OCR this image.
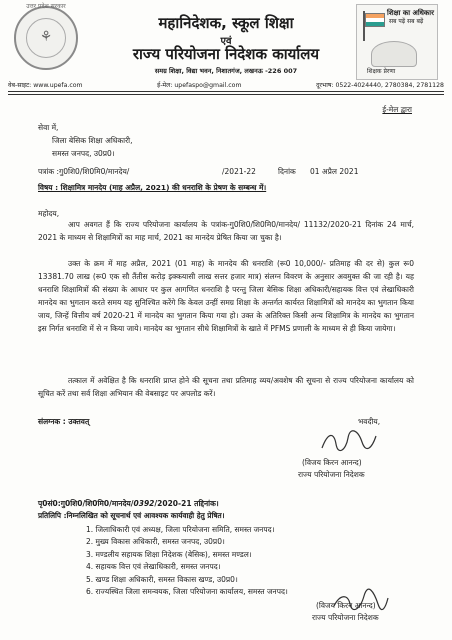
⚘
उत्तर प्रदेश सरकार
शिक्षा का अधिकार
सब पढ़ें सब बढ़ें
शिक्षक प्रेरणा
महानिदेशक, स्कूल शिक्षा
एवं
राज्य परियोजना निदेशक कार्यालय
समग्र शिक्षा, विद्या भवन, निशातगंज, लखनऊ -226 007
वेब-साइट: www.upefa.com	ई-मेल: upefaspo@gmail.com	दूरभाष: 0522-4024440, 2780384, 2781128
ई-मेल द्वारा
सेवा में,
जिला बेसिक शिक्षा अधिकारी,
समस्त जनपद, उ0प्र0।
पत्रांक :गु0शि0/शि0मि0/मानदेय/	/2021-22	दिनांक 01 अप्रैल 2021
विषय : शिक्षामित्र मानदेय (माह अप्रैल, 2021) की धनराशि के प्रेषण के सम्बन्ध में।
महोदय,
आप अवगत हैं कि राज्य परियोजना कार्यालय के पत्रांक-गु0शि0/शि0मि0/मानदेय/ 11132/2020-21 दिनांक 24 मार्च, 2021 के माध्यम से शिक्षामित्रों का माह मार्च, 2021 का मानदेय प्रेषित किया जा चुका है।
उक्त के क्रम में माह अप्रैल, 2021 (01 माह) के मानदेय की धनराशि (रू0 10,000/- प्रतिमाह की दर से) कुल रू0 13381.70 लाख (रू0 एक सौ तैंतीस करोड़ इक्कयासी लाख सत्तर हजार मात्र) संलग्न विवरण के अनुसार अवमुक्त की जा रही है। यह धनराशि शिक्षामित्रों की संख्या के आधार पर कुल आगणित धनराशि है परन्तु जिला बेसिक शिक्षा अधिकारी/सहायक वित्त एवं लेखाधिकारी मानदेय का भुगतान करते समय यह सुनिश्चित करेंगे कि केवल उन्हीं समग्र शिक्षा के अन्तर्गत कार्यरत शिक्षामित्रों को मानदेय का भुगतान किया जाय, जिन्हें वित्तीय वर्ष 2020-21 में मानदेय का भुगतान किया गया हो। उक्त के अतिरिक्त किसी अन्य शिक्षामित्र के मानदेय का भुगतान इस निर्गत धनराशि में से न किया जाये। मानदेय का भुगतान सीधे शिक्षामित्रों के खाते में PFMS प्रणाली के माध्यम से ही किया जायेगा।
तत्काल में अवेक्षित है कि धनराशि प्राप्त होने की सूचना तथा प्रतिमाह व्यय/अवशेष की सूचना से राज्य परियोजना कार्यालय को सूचित करें तथा सर्व शिक्षा अभियान की वेबसाइट पर अपलोड करें।
संलग्नक : उक्तवत्	भवदीय,
(विजय किरन आनन्द)
राज्य परियोजना निदेशक
पृ0सं0:गु0शि0/शि0मि0/मानदेय/0392/2020-21 तद्दिनांक।
प्रतिलिपि :निम्नलिखित को सूचनार्थ एवं आवश्यक कार्यवाही हेतु प्रेषित।
1. जिलाधिकारी एवं अध्यक्ष, जिला परियोजना समिति, समस्त जनपद।
2. मुख्य विकास अधिकारी, समस्त जनपद, उ0प्र0।
3. मण्डलीय सहायक शिक्षा निदेशक (बेसिक), समस्त मण्डल।
4. सहायक वित्त एवं लेखाधिकारी, समस्त जनपद।
5. खण्ड शिक्षा अधिकारी, समस्त विकास खण्ड, उ0प्र0।
6. राज्यस्थित जिला समन्वयक, जिला परियोजना कार्यालय, समस्त जनपद।
(विजय किरन आनन्द)
राज्य परियोजना निदेशक
